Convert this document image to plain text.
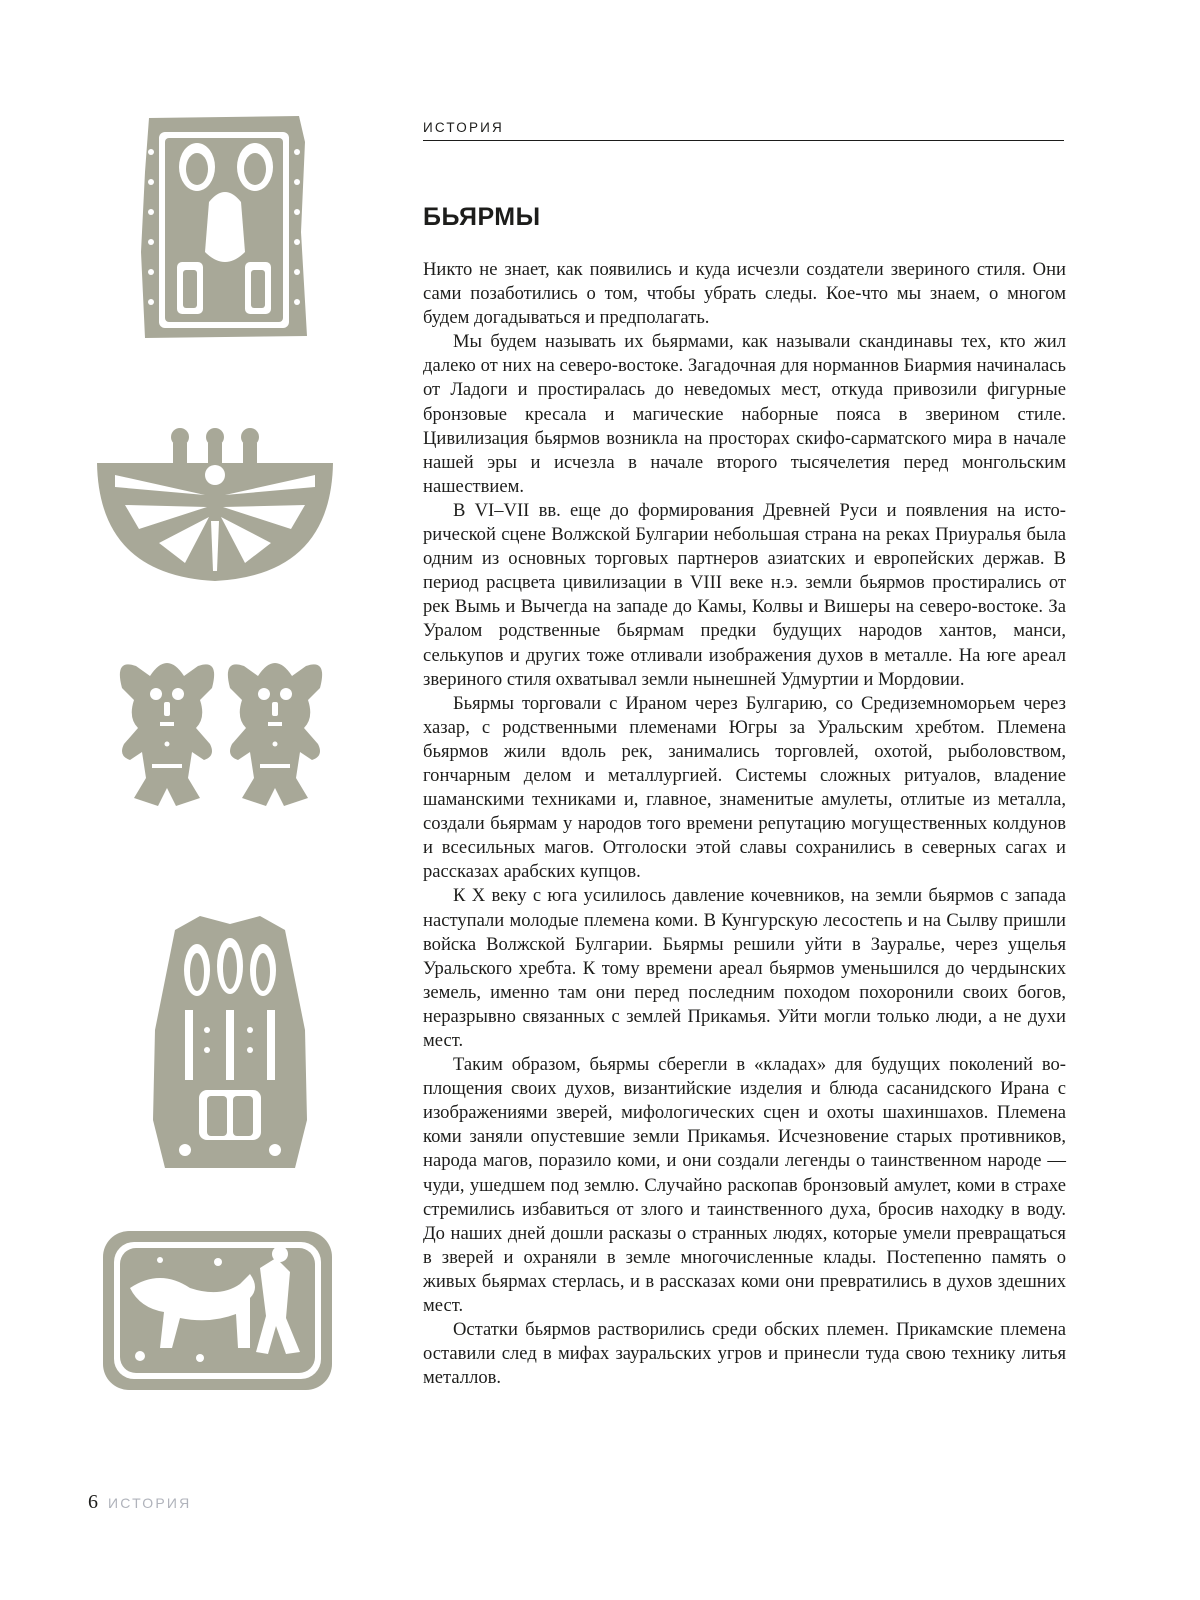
ИСТОРИЯ
БЬЯРМЫ

Никто не знает, как появились и куда исчезли создатели звериного стиля. Они сами позаботились о том, чтобы убрать следы. Кое-что мы знаем, о многом будем догадываться и предполагать.

Мы будем называть их бьярмами, как называли скандинавы тех, кто жил далеко от них на северо-востоке. Загадочная для норманнов Биармия начиналась от Ладоги и простиралась до неведомых мест, откуда привозили фигурные бронзовые кресала и магические наборные пояса в зверином стиле. Цивилизация бьярмов возникла на просторах скифо-сарматского мира в начале нашей эры и исчезла в начале второго тысячелетия перед монгольским нашествием.

В VI–VII вв. еще до формирования Древней Руси и появления на исторической сцене Волжской Булгарии небольшая страна на реках Приуралья была одним из основных торговых партнеров азиатских и европейских держав. В период расцвета цивилизации в VIII веке н.э. земли бьярмов простирались от рек Вымь и Вычегда на западе до Камы, Колвы и Вишеры на северо-востоке. За Уралом родственные бьярмам предки будущих народов хантов, манси, селькупов и других тоже отливали изображения духов в металле. На юге ареал звериного стиля охватывал земли нынешней Удмуртии и Мордовии.

Бьярмы торговали с Ираном через Булгарию, со Средиземноморьем через хазар, с родственными племенами Югры за Уральским хребтом. Племена бьярмов жили вдоль рек, занимались торговлей, охотой, рыболовством, гончарным делом и металлургией. Системы сложных ритуалов, владение шаманскими техниками и, главное, знаменитые амулеты, отлитые из металла, создали бьярмам у народов того времени репутацию могущественных колдунов и всесильных магов. Отголоски этой славы сохранились в северных сагах и рассказах арабских купцов.

К X веку с юга усилилось давление кочевников, на земли бьярмов с запада наступали молодые племена коми. В Кунгурскую лесостепь и на Сылву пришли войска Волжской Булгарии. Бьярмы решили уйти в Зауралье, через ущелья Уральского хребта. К тому времени ареал бьярмов уменьшился до чердынских земель, именно там они перед последним походом похоронили своих богов, неразрывно связанных с землей Прикамья. Уйти могли только люди, а не духи мест.

Таким образом, бьярмы сберегли в «кладах» для будущих поколений воплощения своих духов, византийские изделия и блюда сасанидского Ирана с изображениями зверей, мифологических сцен и охоты шахиншахов. Племена коми заняли опустевшие земли Прикамья. Исчезновение старых противников, народа магов, поразило коми, и они создали легенды о таинственном народе — чуди, ушедшем под землю. Случайно раскопав бронзовый амулет, коми в страхе стремились избавиться от злого и таинственного духа, бросив находку в воду. До наших дней дошли расказы о странных людях, которые умели превращаться в зверей и охраняли в земле многочисленные клады. Постепенно память о живых бьярмах стерлась, и в рассказах коми они превратились в духов здешних мест.

Остатки бьярмов растворились среди обских племен. Прикамские племена оставили след в мифах зауральских угров и принесли туда свою технику литья металлов.

6 ИСТОРИЯ
